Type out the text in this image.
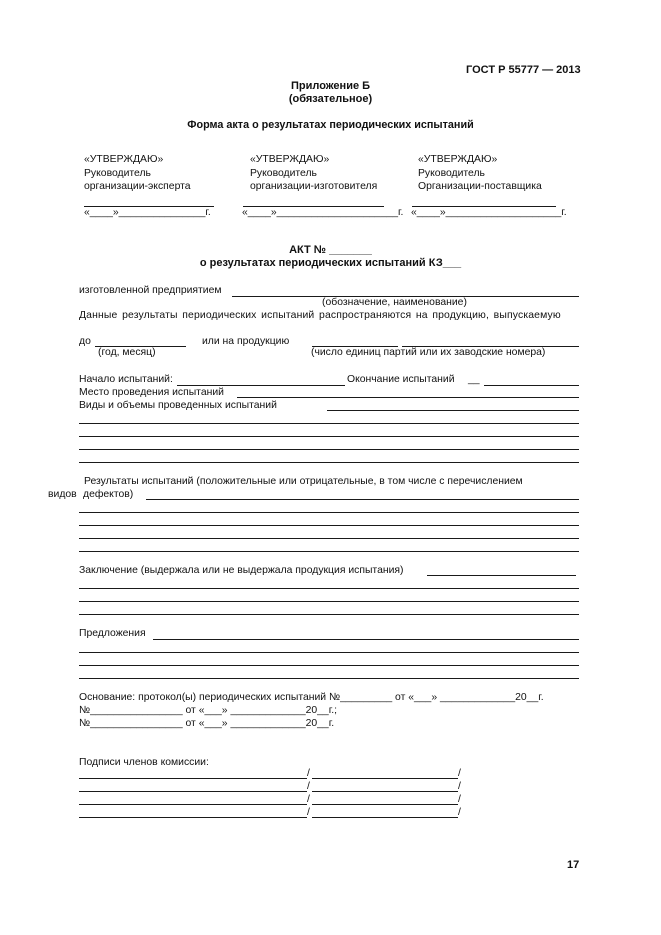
ГОСТ Р 55777 — 2013
Приложение Б
(обязательное)
Форма акта о результатах периодических испытаний
«УТВЕРЖДАЮ»
Руководитель
организации-эксперта
«____»_______________г.
«УТВЕРЖДАЮ»
Руководитель
организации-изготовителя
«____»_____________________г.
«УТВЕРЖДАЮ»
Руководитель
Организации-поставщика
«____»____________________г.
АКТ № _______
о результатах периодических испытаний КЗ___
изготовленной предприятием
(обозначение, наименование)
Данные результаты периодических испытаний распространяются на продукцию, выпускаемую
до	или на продукцию
(год, месяц)	(число единиц партий или их заводские номера)
Начало испытаний:	Окончание испытаний __
Место проведения испытаний
Виды и объемы проведенных испытаний
Результаты испытаний (положительные или отрицательные, в том числе с перечислением
видов дефектов)
Заключение (выдержала или не выдержала продукция испытания)
Предложения
Основание: протокол(ы) периодических испытаний №_________ от «___» _____________20__г.
№________________ от «___» _____________20__г.;
№________________ от «___» _____________20__г.
Подписи членов комиссии:
/	/
/	/
/	/
/	/
17
